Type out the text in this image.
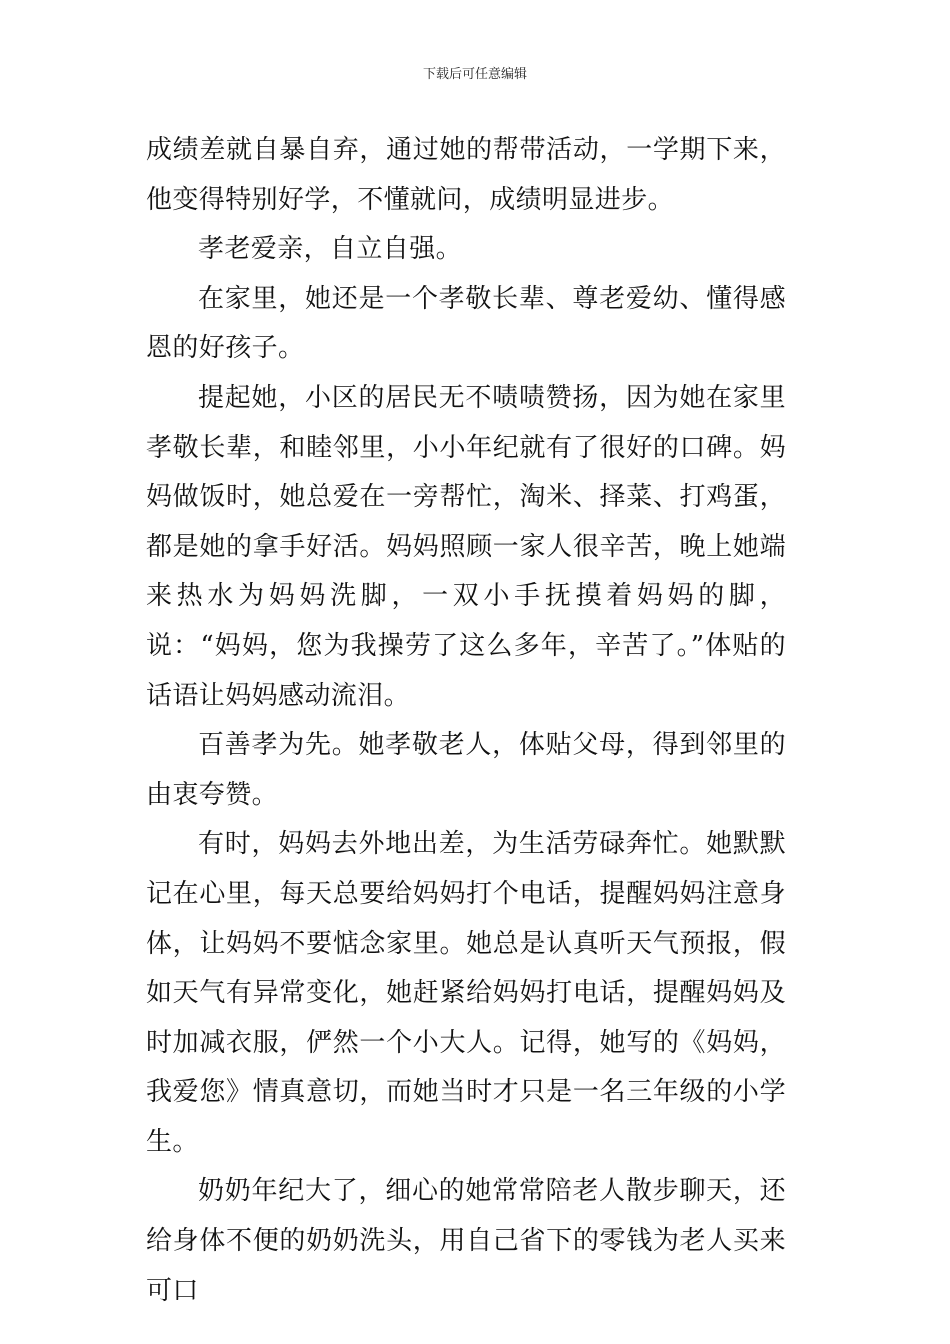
下载后可任意编辑

成绩差就自暴自弃，通过她的帮带活动，一学期下来，他变得特别好学，不懂就问，成绩明显进步。

孝老爱亲，自立自强。

在家里，她还是一个孝敬长辈、尊老爱幼、懂得感恩的好孩子。

提起她，小区的居民无不啧啧赞扬，因为她在家里孝敬长辈，和睦邻里，小小年纪就有了很好的口碑。妈妈做饭时，她总爱在一旁帮忙，淘米、择菜、打鸡蛋，都是她的拿手好活。妈妈照顾一家人很辛苦，晚上她端来热水为妈妈洗脚，一双小手抚摸着妈妈的脚，说：“妈妈，您为我操劳了这么多年，辛苦了。”体贴的话语让妈妈感动流泪。

百善孝为先。她孝敬老人，体贴父母，得到邻里的由衷夸赞。

有时，妈妈去外地出差，为生活劳碌奔忙。她默默记在心里，每天总要给妈妈打个电话，提醒妈妈注意身体，让妈妈不要惦念家里。她总是认真听天气预报，假如天气有异常变化，她赶紧给妈妈打电话，提醒妈妈及时加减衣服，俨然一个小大人。记得，她写的《妈妈，我爱您》情真意切，而她当时才只是一名三年级的小学生。

奶奶年纪大了，细心的她常常陪老人散步聊天，还给身体不便的奶奶洗头，用自己省下的零钱为老人买来可口
